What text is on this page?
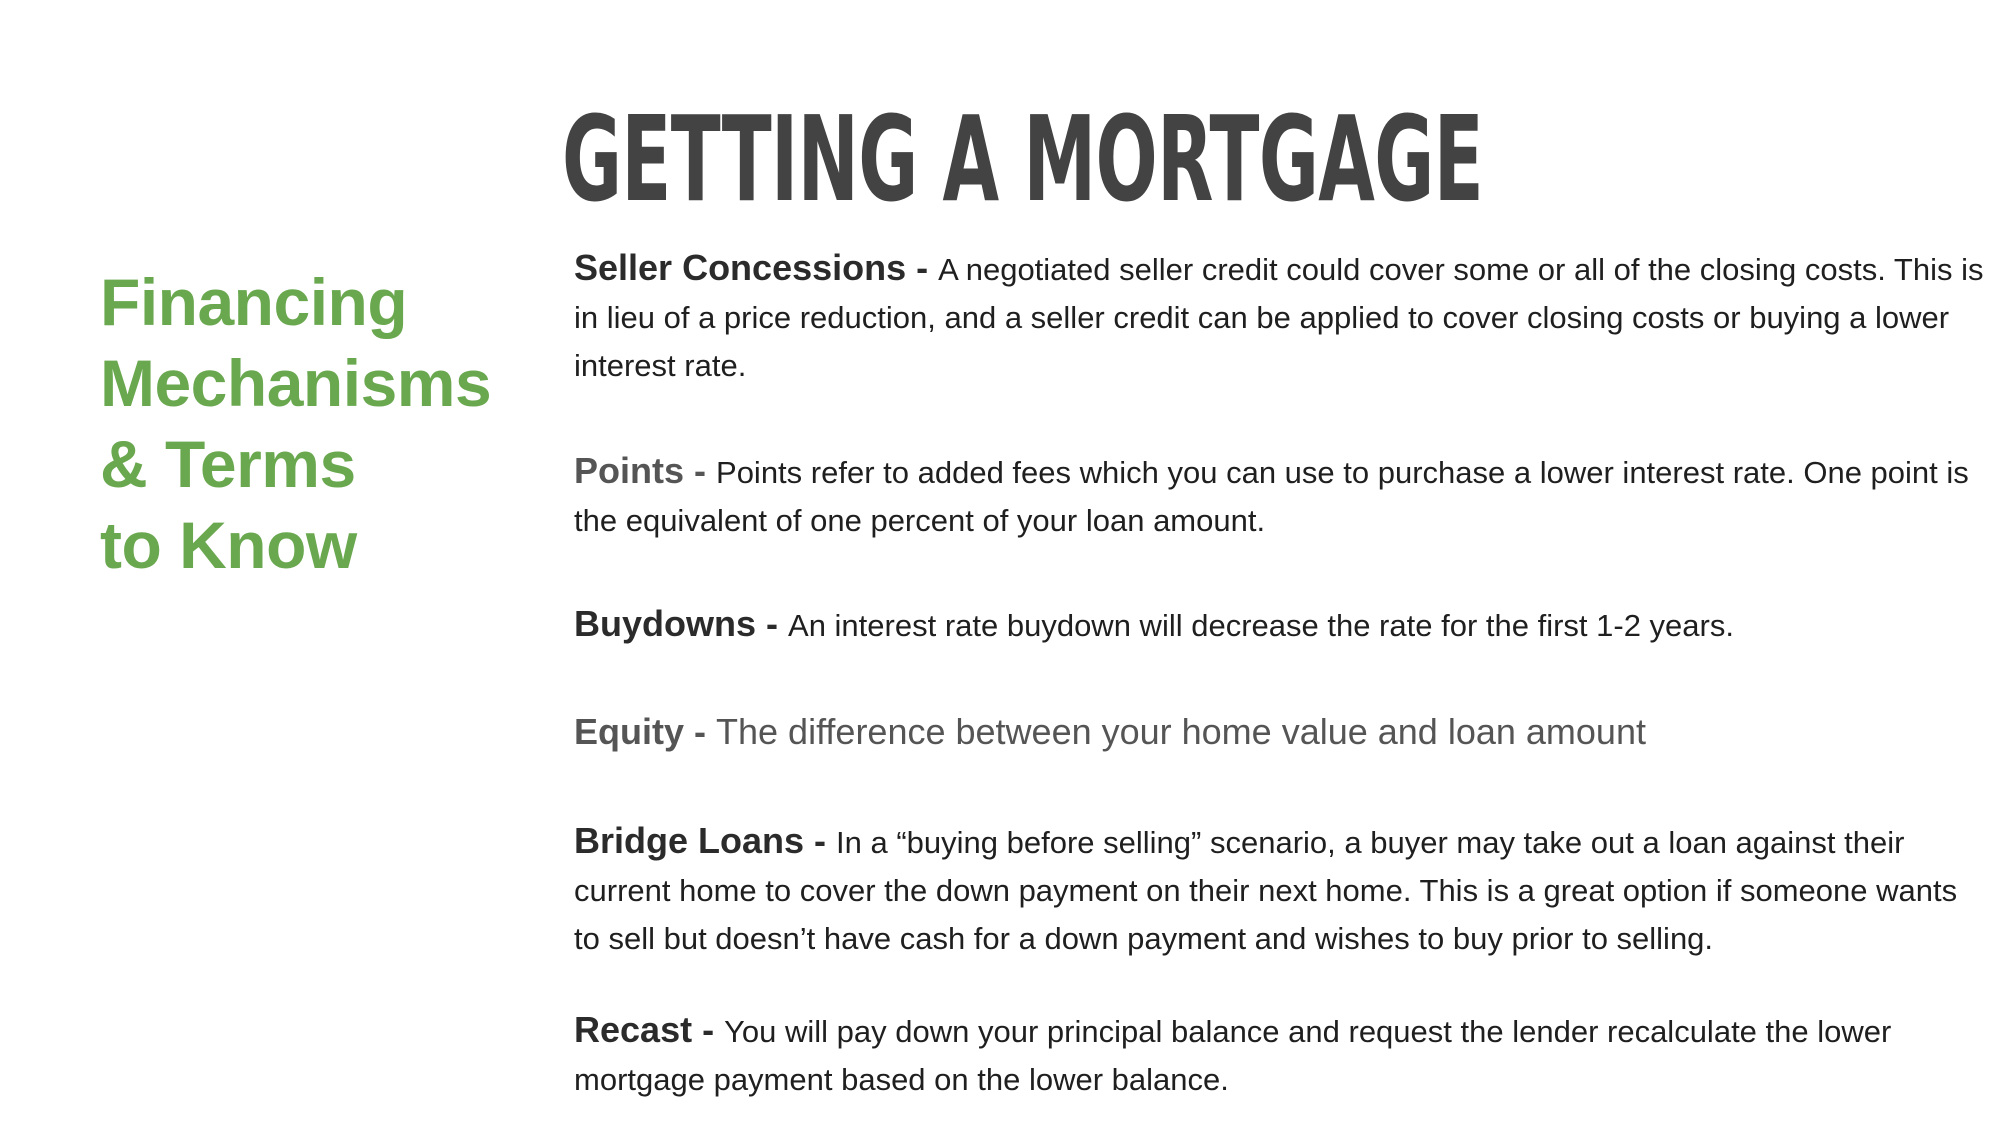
GETTING A MORTGAGE
Financing
Mechanisms
& Terms
to Know

Seller Concessions - A negotiated seller credit could cover some or all of the closing costs. This is in lieu of a price reduction, and a seller credit can be applied to cover closing costs or buying a lower interest rate.

Points - Points refer to added fees which you can use to purchase a lower interest rate. One point is the equivalent of one percent of your loan amount.

Buydowns - An interest rate buydown will decrease the rate for the first 1-2 years.

Equity - The difference between your home value and loan amount

Bridge Loans - In a “buying before selling” scenario, a buyer may take out a loan against their current home to cover the down payment on their next home. This is a great option if someone wants to sell but doesn’t have cash for a down payment and wishes to buy prior to selling.

Recast - You will pay down your principal balance and request the lender recalculate the lower mortgage payment based on the lower balance.
